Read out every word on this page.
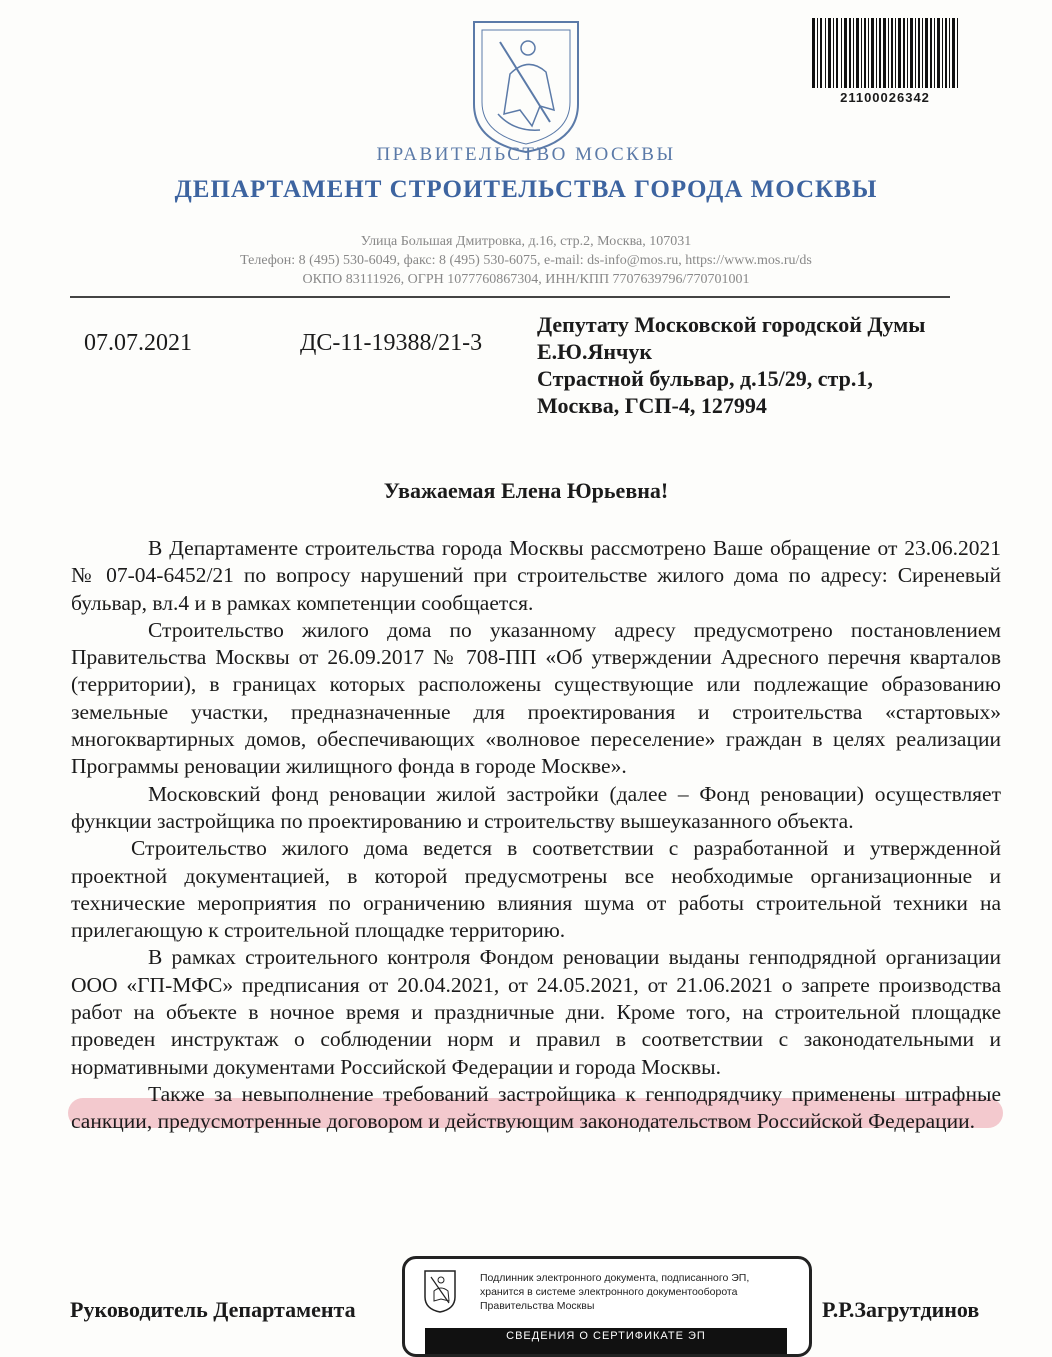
21100026342
ПРАВИТЕЛЬСТВО МОСКВЫ
ДЕПАРТАМЕНТ СТРОИТЕЛЬСТВА ГОРОДА МОСКВЫ
Улица Большая Дмитровка, д.16, стр.2, Москва, 107031
Телефон: 8 (495) 530-6049, факс: 8 (495) 530-6075, e-mail: ds-info@mos.ru, https://www.mos.ru/ds
ОКПО 83111926, ОГРН 1077760867304, ИНН/КПП 7707639796/770701001
07.07.2021	ДС-11-19388/21-3
Депутату Московской городской Думы
Е.Ю.Янчук
Страстной бульвар, д.15/29, стр.1,
Москва, ГСП-4, 127994
Уважаемая Елена Юрьевна!

В Департаменте строительства города Москвы рассмотрено Ваше обращение от 23.06.2021 № 07-04-6452/21 по вопросу нарушений при строительстве жилого дома по адресу: Сиреневый бульвар, вл.4 и в рамках компетенции сообщается.

Строительство жилого дома по указанному адресу предусмотрено постановлением Правительства Москвы от 26.09.2017 № 708-ПП «Об утверждении Адресного перечня кварталов (территории), в границах которых расположены существующие или подлежащие образованию земельные участки, предназначенные для проектирования и строительства «стартовых» многоквартирных домов, обеспечивающих «волновое переселение» граждан в целях реализации Программы реновации жилищного фонда в городе Москве».

Московский фонд реновации жилой застройки (далее – Фонд реновации) осуществляет функции застройщика по проектированию и строительству вышеуказанного объекта.

Строительство жилого дома ведется в соответствии с разработанной и утвержденной проектной документацией, в которой предусмотрены все необходимые организационные и технические мероприятия по ограничению влияния шума от работы строительной техники на прилегающую к строительной площадке территорию.

В рамках строительного контроля Фондом реновации выданы генподрядной организации ООО «ГП-МФС» предписания от 20.04.2021, от 24.05.2021, от 21.06.2021 о запрете производства работ на объекте в ночное время и праздничные дни. Кроме того, на строительной площадке проведен инструктаж о соблюдении норм и правил в соответствии с законодательными и нормативными документами Российской Федерации и города Москвы.

Также за невыполнение требований застройщика к генподрядчику применены штрафные санкции, предусмотренные договором и действующим законодательством Российской Федерации.

Руководитель Департамента	Р.Р.Загрутдинов
Подлинник электронного документа, подписанного ЭП,
хранится в системе электронного документооборота
Правительства Москвы
СВЕДЕНИЯ О СЕРТИФИКАТЕ ЭП
